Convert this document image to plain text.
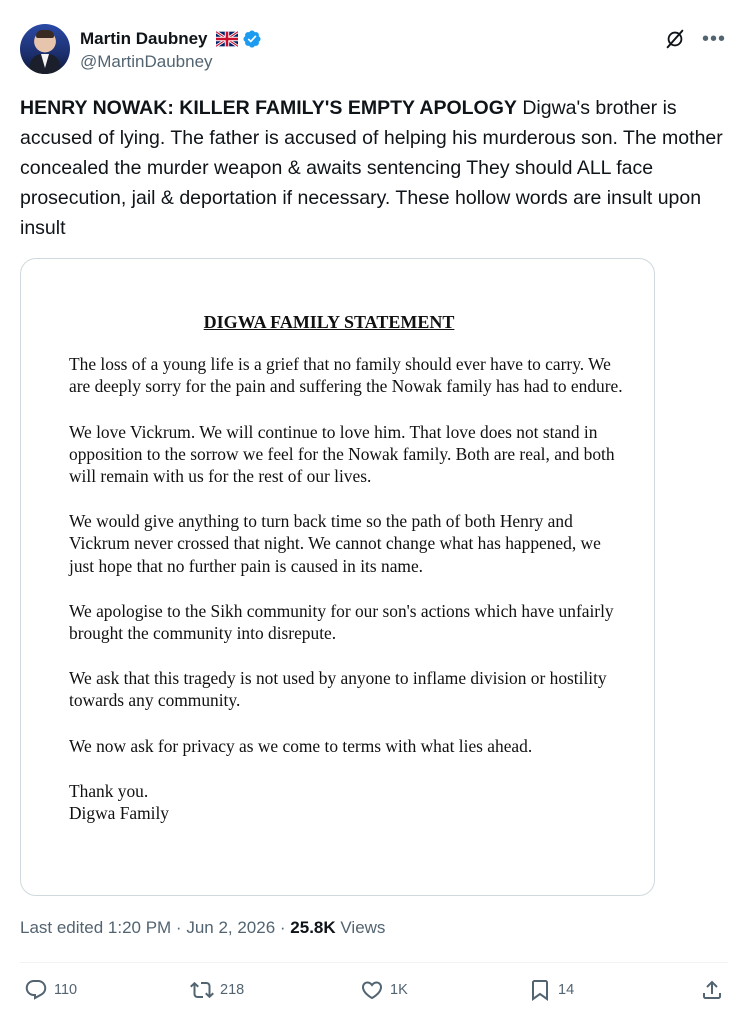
Martin Daubney
@MartinDaubney
•••
HENRY NOWAK: KILLER FAMILY'S EMPTY APOLOGY Digwa's brother is accused of lying. The father is accused of helping his murderous son. The mother concealed the murder weapon & awaits sentencing They should ALL face prosecution, jail & deportation if necessary. These hollow words are insult upon insult
DIGWA FAMILY STATEMENT

The loss of a young life is a grief that no family should ever have to carry. We are deeply sorry for the pain and suffering the Nowak family has had to endure.

We love Vickrum. We will continue to love him. That love does not stand in opposition to the sorrow we feel for the Nowak family. Both are real, and both will remain with us for the rest of our lives.

We would give anything to turn back time so the path of both Henry and Vickrum never crossed that night. We cannot change what has happened, we just hope that no further pain is caused in its name.

We apologise to the Sikh community for our son's actions which have unfairly brought the community into disrepute.

We ask that this tragedy is not used by anyone to inflame division or hostility towards any community.

We now ask for privacy as we come to terms with what lies ahead.

Thank you.
Digwa Family
Last edited 1:20 PM · Jun 2, 2026 · 25.8K Views
110	218	1K	14
